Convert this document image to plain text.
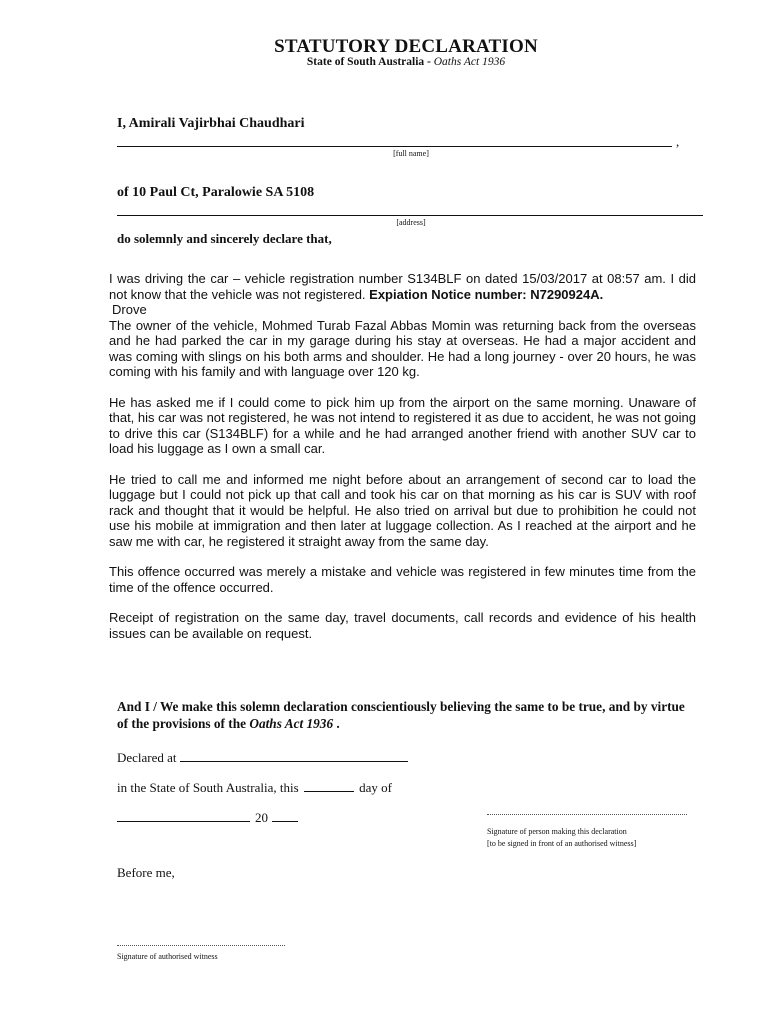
STATUTORY DECLARATION
State of South Australia - Oaths Act 1936
I, Amirali Vajirbhai Chaudhari
,
[full name]
of 10 Paul Ct, Paralowie SA 5108
[address]
do solemnly and sincerely declare that,

I was driving the car – vehicle registration number S134BLF on dated 15/03/2017 at 08:57 am. I did not know that the vehicle was not registered. Expiation Notice number: N7290924A.

Drove

The owner of the vehicle, Mohmed Turab Fazal Abbas Momin was returning back from the overseas and he had parked the car in my garage during his stay at overseas. He had a major accident and was coming with slings on his both arms and shoulder. He had a long journey - over 20 hours, he was coming with his family and with language over 120 kg.

He has asked me if I could come to pick him up from the airport on the same morning. Unaware of that, his car was not registered, he was not intend to registered it as due to accident, he was not going to drive this car (S134BLF) for a while and he had arranged another friend with another SUV car to load his luggage as I own a small car.

He tried to call me and informed me night before about an arrangement of second car to load the luggage but I could not pick up that call and took his car on that morning as his car is SUV with roof rack and thought that it would be helpful. He also tried on arrival but due to prohibition he could not use his mobile at immigration and then later at luggage collection. As I reached at the airport and he saw me with car, he registered it straight away from the same day.

This offence occurred was merely a mistake and vehicle was registered in few minutes time from the time of the offence occurred.

Receipt of registration on the same day, travel documents, call records and evidence of his health issues can be available on request.

And I / We make this solemn declaration conscientiously believing the same to be true, and by virtue of the provisions of the Oaths Act 1936 .
Declared at
in the State of South Australia, this	day of
20
Signature of person making this declaration
[to be signed in front of an authorised witness]
Before me,
Signature of authorised witness
